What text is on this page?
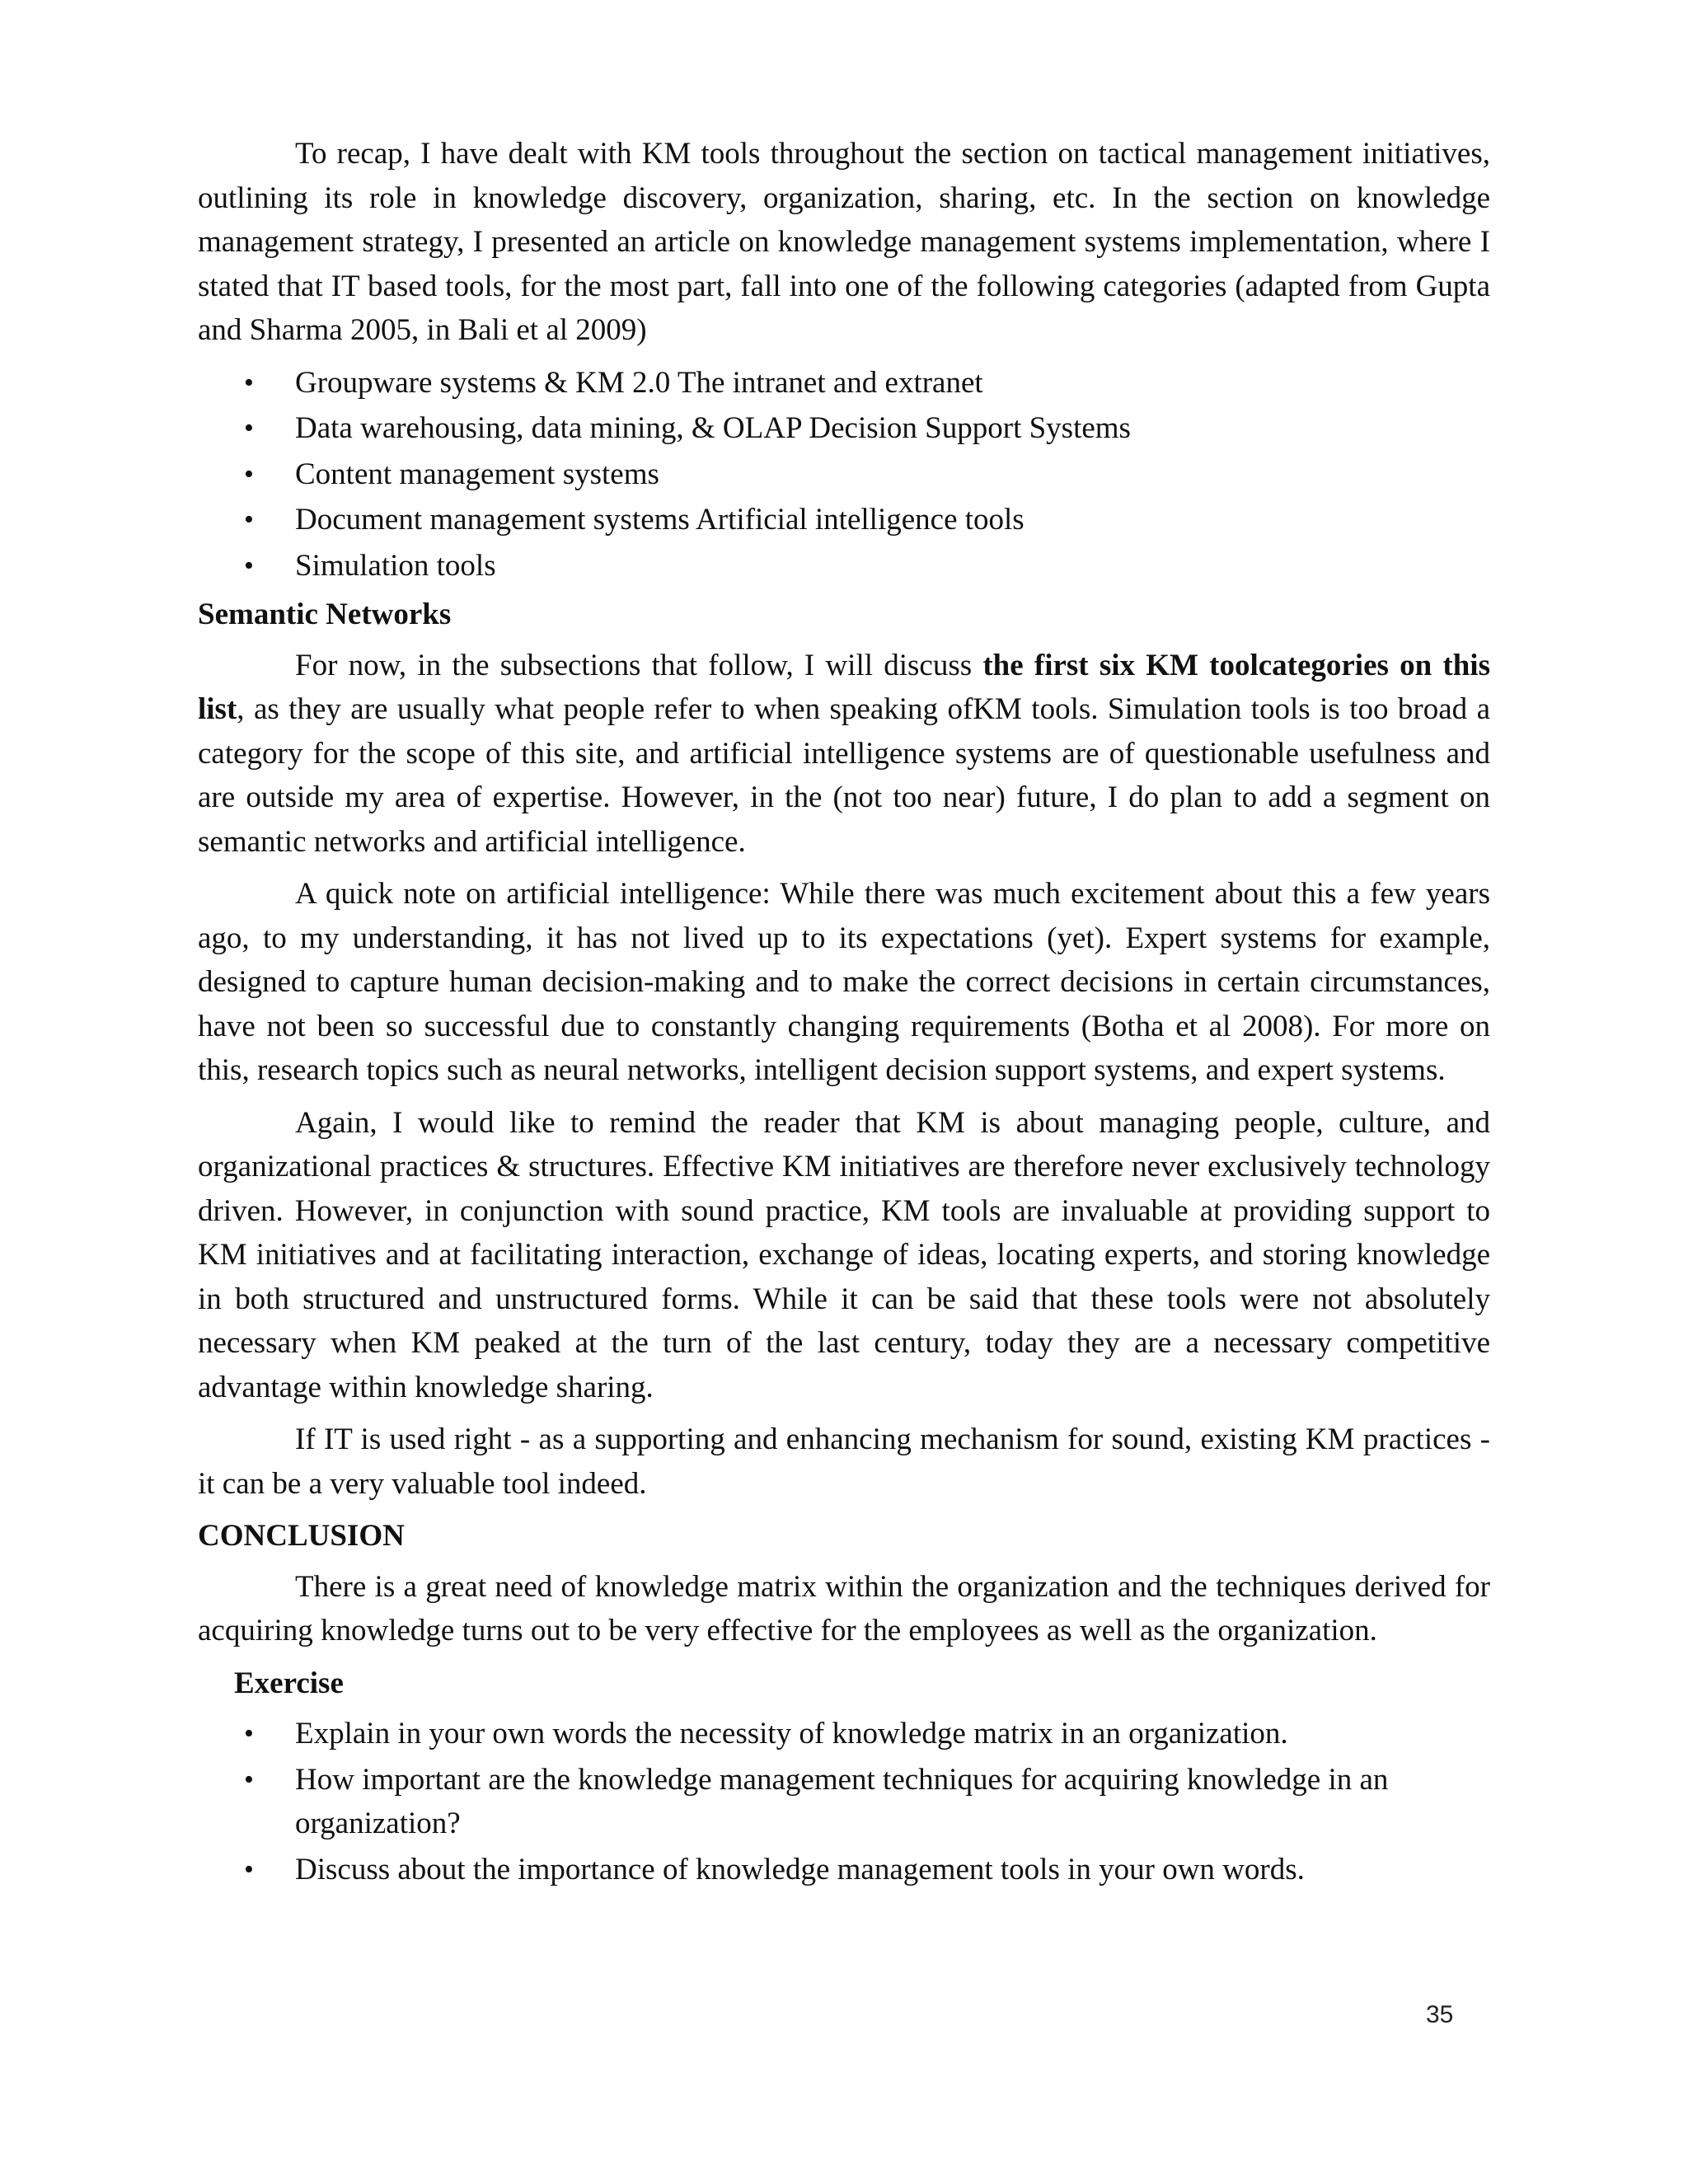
To recap, I have dealt with KM tools throughout the section on tactical management initiatives, outlining its role in knowledge discovery, organization, sharing, etc. In the section on knowledge management strategy, I presented an article on knowledge management systems implementation, where I stated that IT based tools, for the most part, fall into one of the following categories (adapted from Gupta and Sharma 2005, in Bali et al 2009)

• Groupware systems & KM 2.0 The intranet and extranet
• Data warehousing, data mining, & OLAP Decision Support Systems
• Content management systems
• Document management systems Artificial intelligence tools
• Simulation tools
Semantic Networks

For now, in the subsections that follow, I will discuss the first six KM toolcategories on this list, as they are usually what people refer to when speaking ofKM tools. Simulation tools is too broad a category for the scope of this site, and artificial intelligence systems are of questionable usefulness and are outside my area of expertise. However, in the (not too near) future, I do plan to add a segment on semantic networks and artificial intelligence.

A quick note on artificial intelligence: While there was much excitement about this a few years ago, to my understanding, it has not lived up to its expectations (yet). Expert systems for example, designed to capture human decision-making and to make the correct decisions in certain circumstances, have not been so successful due to constantly changing requirements (Botha et al 2008). For more on this, research topics such as neural networks, intelligent decision support systems, and expert systems.

Again, I would like to remind the reader that KM is about managing people, culture, and organizational practices & structures. Effective KM initiatives are therefore never exclusively technology driven. However, in conjunction with sound practice, KM tools are invaluable at providing support to KM initiatives and at facilitating interaction, exchange of ideas, locating experts, and storing knowledge in both structured and unstructured forms. While it can be said that these tools were not absolutely necessary when KM peaked at the turn of the last century, today they are a necessary competitive advantage within knowledge sharing.

If IT is used right - as a supporting and enhancing mechanism for sound, existing KM practices - it can be a very valuable tool indeed.

CONCLUSION

There is a great need of knowledge matrix within the organization and the techniques derived for acquiring knowledge turns out to be very effective for the employees as well as the organization.

Exercise
• Explain in your own words the necessity of knowledge matrix in an organization.
• How important are the knowledge management techniques for acquiring knowledge in an organization?
• Discuss about the importance of knowledge management tools in your own words.
35
